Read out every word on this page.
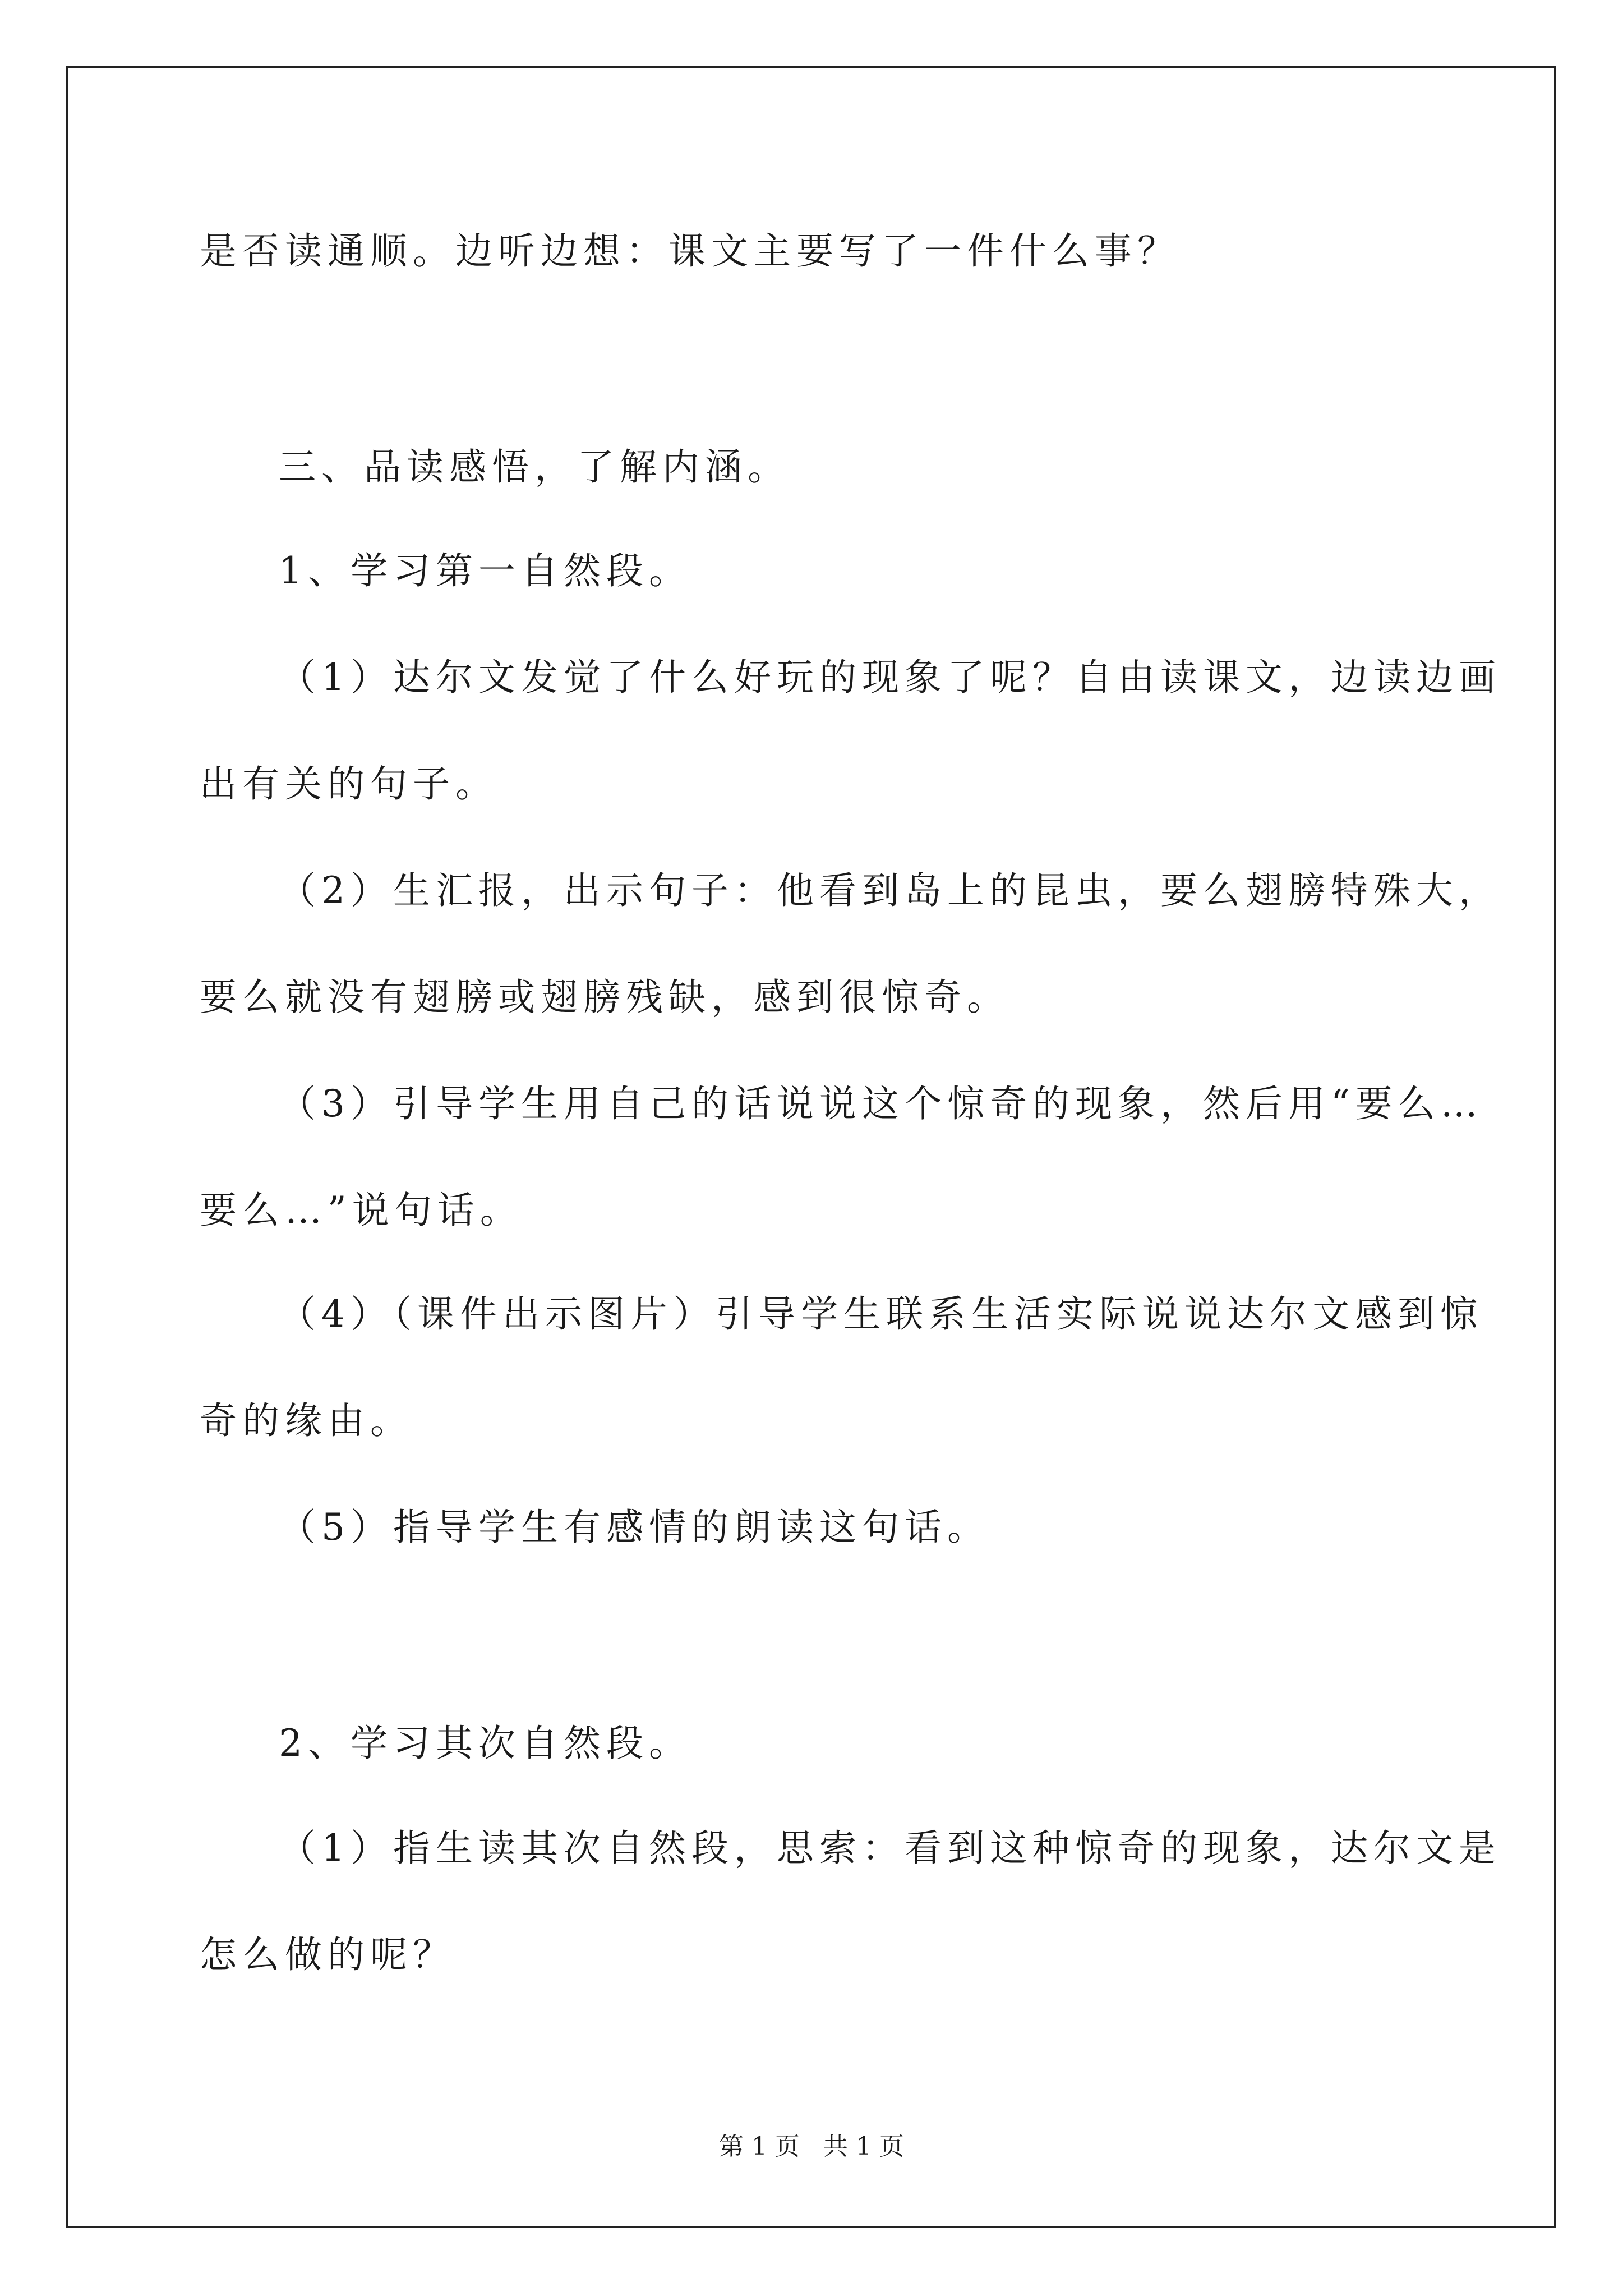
是否读通顺。边听边想：课文主要写了一件什么事？
三、品读感悟，了解内涵。
1、学习第一自然段。
（1）达尔文发觉了什么好玩的现象了呢？自由读课文，边读边画
出有关的句子。
（2）生汇报，出示句子：他看到岛上的昆虫，要么翅膀特殊大，
要么就没有翅膀或翅膀残缺，感到很惊奇。
（3）引导学生用自己的话说说这个惊奇的现象，然后用“要么…
要么…”说句话。
（4）（课件出示图片）引导学生联系生活实际说说达尔文感到惊
奇的缘由。
（5）指导学生有感情的朗读这句话。
2、学习其次自然段。
（1）指生读其次自然段，思索：看到这种惊奇的现象，达尔文是
怎么做的呢？
第 1 页   共 1 页
